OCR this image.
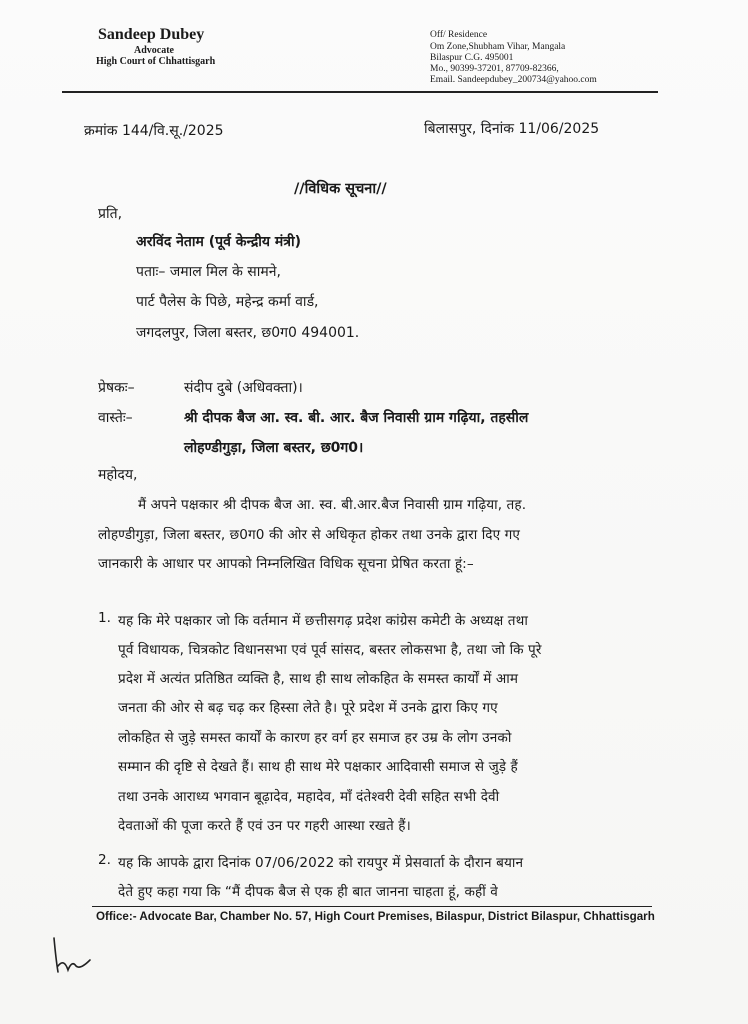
Sandeep Dubey
Advocate
High Court of Chhattisgarh
Off/ Residence
Om Zone,Shubham Vihar, Mangala
Bilaspur C.G. 495001
Mo., 90399-37201, 87709-82366,
Email. Sandeepdubey_200734@yahoo.com
क्रमांक 144/वि.सू./2025	बिलासपुर, दिनांक 11/06/2025
//विधिक सूचना//
प्रति,
अरविंद नेताम (पूर्व केन्द्रीय मंत्री)
पताः– जमाल मिल के सामने,
पार्ट पैलेस के पिछे, महेन्द्र कर्मा वार्ड,
जगदलपुर, जिला बस्तर, छ0ग0 494001.
प्रेषकः–	संदीप दुबे (अधिवक्ता)।
वास्तेः–	श्री दीपक बैज आ. स्व. बी. आर. बैज निवासी ग्राम गढ़िया, तहसील
लोहण्डीगुड़ा, जिला बस्तर, छ0ग0।
महोदय,
मैं अपने पक्षकार श्री दीपक बैज आ. स्व. बी.आर.बैज निवासी ग्राम गढ़िया, तह.
लोहण्डीगुड़ा, जिला बस्तर, छ0ग0 की ओर से अधिकृत होकर तथा उनके द्वारा दिए गए
जानकारी के आधार पर आपको निम्नलिखित विधिक सूचना प्रेषित करता हूं:–
1. यह कि मेरे पक्षकार जो कि वर्तमान में छत्तीसगढ़ प्रदेश कांग्रेस कमेटी के अध्यक्ष तथा
पूर्व विधायक, चित्रकोट विधानसभा एवं पूर्व सांसद, बस्तर लोकसभा है, तथा जो कि पूरे
प्रदेश में अत्यंत प्रतिष्ठित व्यक्ति है, साथ ही साथ लोकहित के समस्त कार्यों में आम
जनता की ओर से बढ़ चढ़ कर हिस्सा लेते है। पूरे प्रदेश में उनके द्वारा किए गए
लोकहित से जुड़े समस्त कार्यों के कारण हर वर्ग हर समाज हर उम्र के लोग उनको
सम्मान की दृष्टि से देखते हैं। साथ ही साथ मेरे पक्षकार आदिवासी समाज से जुड़े हैं
तथा उनके आराध्य भगवान बूढ़ादेव, महादेव, माँ दंतेश्वरी देवी सहित सभी देवी
देवताओं की पूजा करते हैं एवं उन पर गहरी आस्था रखते हैं।
2. यह कि आपके द्वारा दिनांक 07/06/2022 को रायपुर में प्रेसवार्ता के दौरान बयान
देते हुए कहा गया कि “मैं दीपक बैज से एक ही बात जानना चाहता हूं, कहीं वे
Office:- Advocate Bar, Chamber No. 57, High Court Premises, Bilaspur, District Bilaspur, Chhattisgarh
